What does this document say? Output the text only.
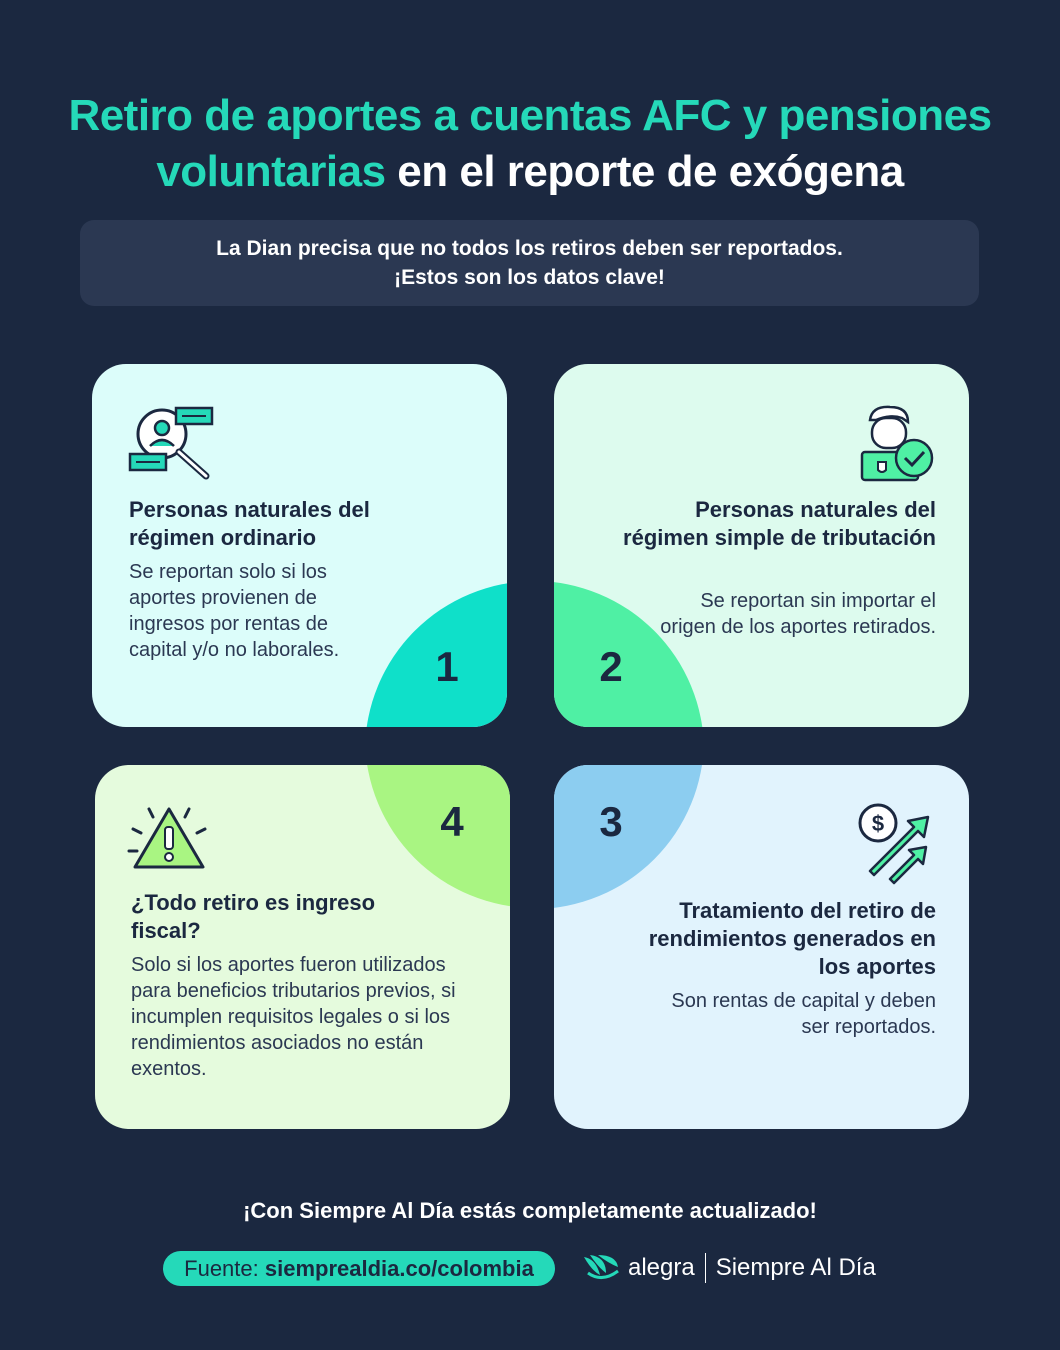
Retiro de aportes a cuentas AFC y pensiones
voluntarias en el reporte de exógena
La Dian precisa que no todos los retiros deben ser reportados.
¡Estos son los datos clave!
1
Personas naturales del régimen ordinario
Se reportan solo si los aportes provienen de ingresos por rentas de capital y/o no laborales.	2
Personas naturales del régimen simple de tributación
Se reportan sin importar el origen de los aportes retirados.
4
¿Todo retiro es ingreso fiscal?
Solo si los aportes fueron utilizados para beneficios tributarios previos, si incumplen requisitos legales o si los rendimientos asociados no están exentos.
3	$
Tratamiento del retiro de rendimientos generados en los aportes
Son rentas de capital y deben ser reportados.
¡Con Siempre Al Día estás completamente actualizado!
Fuente: siemprealdia.co/colombia	alegra Siempre Al Día
